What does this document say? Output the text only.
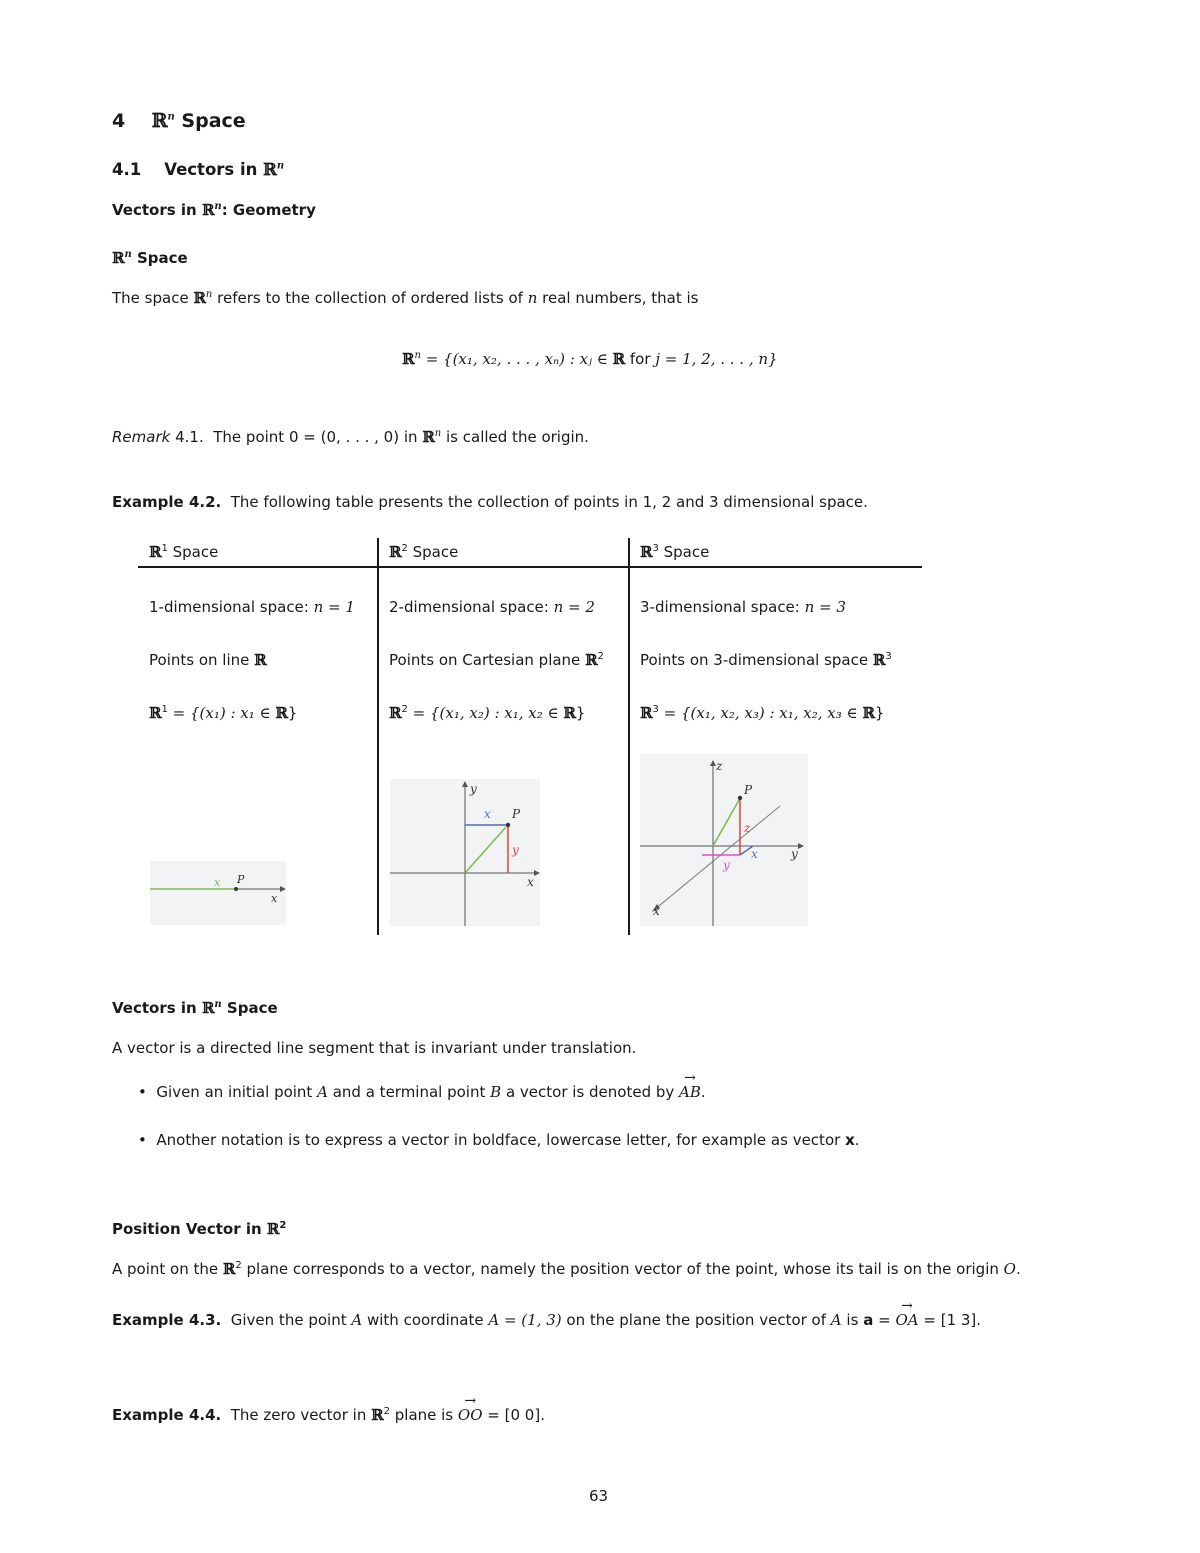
4 ℝ$^n$ Space
4.1 Vectors in ℝ$^n$
Vectors in ℝ$^n$: Geometry
ℝ$^n$ Space
The space ℝ$^n$ refers to the collection of ordered lists of n real numbers, that is
ℝ$^n$ = {(x₁, x₂, . . . , xₙ) : xⱼ ∈ ℝ for j = 1, 2, . . . , n}
Remark 4.1. The point 0 = (0, . . . , 0) in ℝ$^n$ is called the origin.
Example 4.2. The following table presents the collection of points in 1, 2 and 3 dimensional space.
ℝ$^1$ Space
1-dimensional space: n = 1
Points on line ℝ
ℝ$^1$ = {(x₁) : x₁ ∈ ℝ}
ℝ$^2$ Space
2-dimensional space: n = 2
Points on Cartesian plane ℝ$^2$
ℝ$^2$ = {(x₁, x₂) : x₁, x₂ ∈ ℝ}
ℝ$^3$ Space
3-dimensional space: n = 3
Points on 3-dimensional space ℝ$^3$
ℝ$^3$ = {(x₁, x₂, x₃) : x₁, x₂, x₃ ∈ ℝ}
x P
x
x
y
P
x
y	P
z
y
x	y
z
x
Vectors in ℝ$^n$ Space
A vector is a directed line segment that is invariant under translation.
• Given an initial point A and a terminal point B a vector is denoted by → AB.
• Another notation is to express a vector in boldface, lowercase letter, for example as vector x.
Position Vector in ℝ$^2$
A point on the ℝ$^2$ plane corresponds to a vector, namely the position vector of the point, whose its tail is on the origin O.
Example 4.3. Given the point A with coordinate A = (1, 3) on the plane the position vector of A is a = → OA = [1 3].
Example 4.4. The zero vector in ℝ$^2$ plane is → OO = [0 0].
63
